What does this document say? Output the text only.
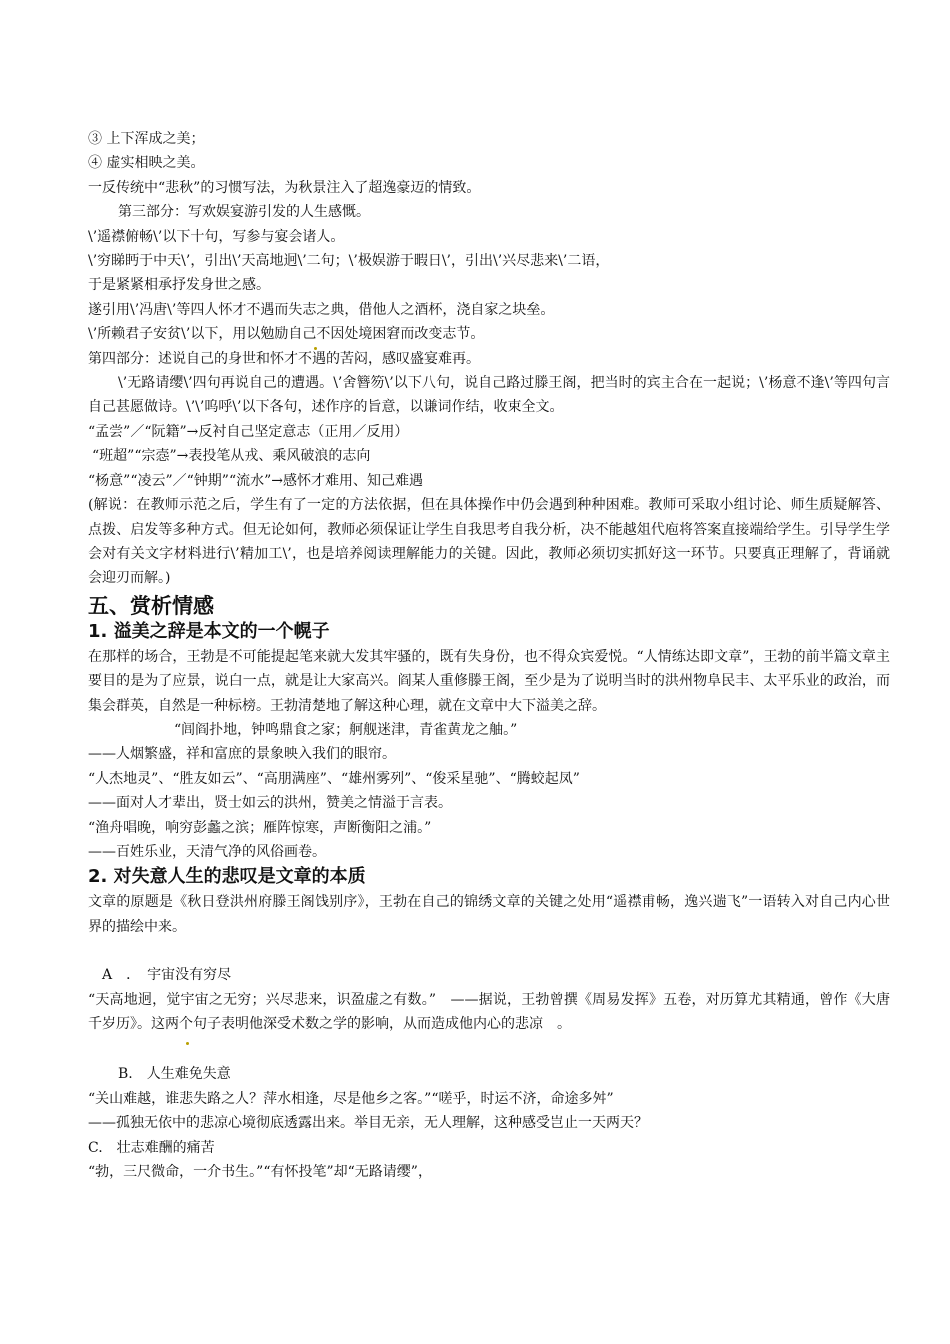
③ 上下浑成之美；

④ 虚实相映之美。

一反传统中“悲秋”的习惯写法，为秋景注入了超逸豪迈的情致。

第三部分：写欢娱宴游引发的人生感慨。

\’遥襟俯畅\’以下十句，写参与宴会诸人。

\’穷睇眄于中天\’，引出\’天高地迥\’二句；\’极娱游于暇日\’，引出\’兴尽悲来\’二语，

于是紧紧相承抒发身世之感。

遂引用\’冯唐\’等四人怀才不遇而失志之典，借他人之酒杯，浇自家之块垒。

\’所赖君子安贫\’以下，用以勉励自己不因处境困窘而改变志节。

第四部分：述说自己的身世和怀才不遇的苦闷，感叹盛宴难再。

\’无路请缨\’四句再说自己的遭遇。\’舍簪笏\’以下八句，说自己路过滕王阁，把当时的宾主合在一起说；\’杨意不逢\’等四句言自己甚愿做诗。\’\’呜呼\’以下各句，述作序的旨意，以谦词作结，收束全文。

“孟尝”／“阮籍”→反衬自己坚定意志（正用／反用）

“班超”“宗悫”→表投笔从戎、乘风破浪的志向

“杨意”“凌云”／“钟期”“流水”→感怀才难用、知己难遇

(解说：在教师示范之后，学生有了一定的方法依据，但在具体操作中仍会遇到种种困难。教师可采取小组讨论、师生质疑解答、点拨、启发等多种方式。但无论如何，教师必须保证让学生自我思考自我分析，决不能越俎代庖将答案直接端给学生。引导学生学会对有关文字材料进行\’精加工\’，也是培养阅读理解能力的关键。因此，教师必须切实抓好这一环节。只要真正理解了，背诵就会迎刃而解。)

五、赏析情感

1. 溢美之辞是本文的一个幌子

在那样的场合，王勃是不可能提起笔来就大发其牢骚的，既有失身份，也不得众宾爱悦。“人情练达即文章”，王勃的前半篇文章主要目的是为了应景，说白一点，就是让大家高兴。阎某人重修滕王阁，至少是为了说明当时的洪州物阜民丰、太平乐业的政治，而集会群英，自然是一种标榜。王勃清楚地了解这种心理，就在文章中大下溢美之辞。

“闾阎扑地，钟鸣鼎食之家；舸舰迷津，青雀黄龙之舳。”

——人烟繁盛，祥和富庶的景象映入我们的眼帘。

“人杰地灵”、“胜友如云”、“高朋满座”、“雄州雾列”、“俊采星驰”、“腾蛟起凤”

——面对人才辈出，贤士如云的洪州，赞美之情溢于言表。

“渔舟唱晚，响穷彭蠡之滨；雁阵惊寒，声断衡阳之浦。”

——百姓乐业，天清气净的风俗画卷。

2. 对失意人生的悲叹是文章的本质

文章的原题是《秋日登洪州府滕王阁饯别序》，王勃在自己的锦绣文章的关键之处用“遥襟甫畅，逸兴遄飞”一语转入对自己内心世界的描绘中来。

A　．　宇宙没有穷尽

“天高地迥，觉宇宙之无穷；兴尽悲来，识盈虚之有数。”　——据说，王勃曾撰《周易发挥》五卷，对历算尤其精通，曾作《大唐千岁历》。这两个句子表明他深受术数之学的影响，从而造成他内心的悲凉　。

B.　人生难免失意

“关山难越，谁悲失路之人？萍水相逢，尽是他乡之客。”“嗟乎，时运不济，命途多舛”

——孤独无依中的悲凉心境彻底透露出来。举目无亲，无人理解，这种感受岂止一天两天？

C.　壮志难酬的痛苦

“勃，三尺微命，一介书生。”“有怀投笔”却“无路请缨”，
